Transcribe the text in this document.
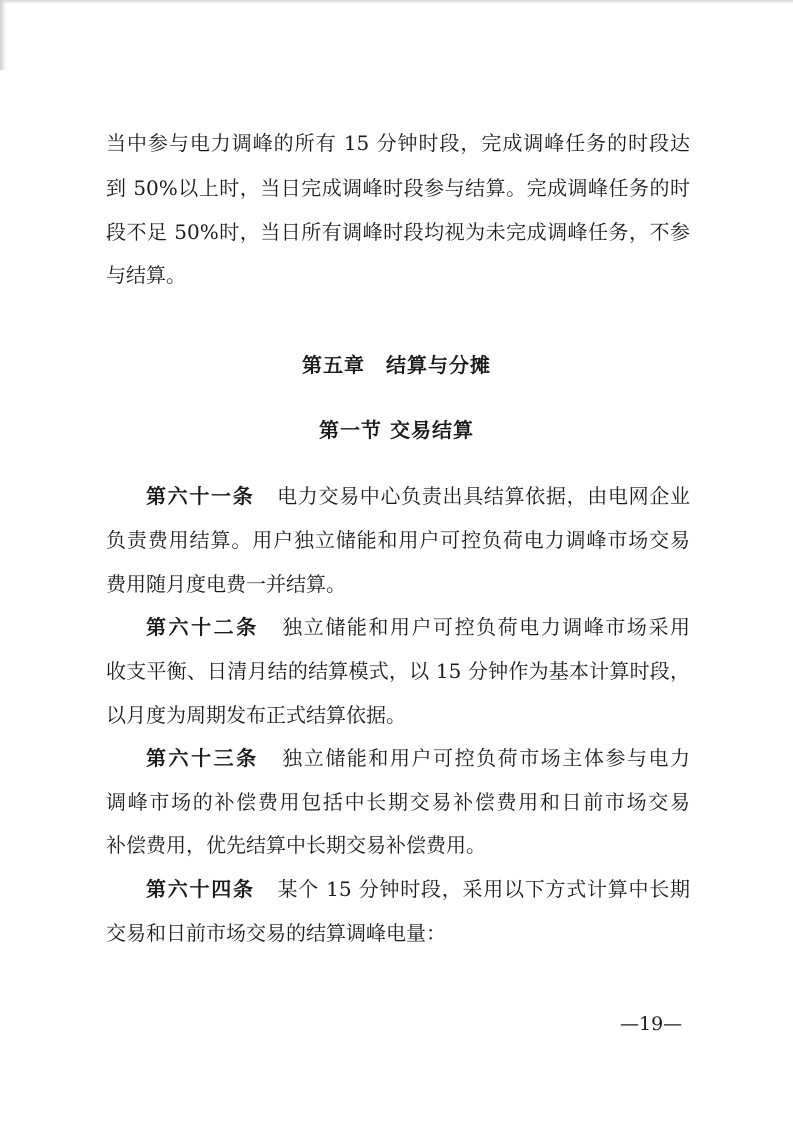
当中参与电力调峰的所有 15 分钟时段，完成调峰任务的时段达
到 50%以上时，当日完成调峰时段参与结算。完成调峰任务的时
段不足 50%时，当日所有调峰时段均视为未完成调峰任务，不参
与结算。
第五章　结算与分摊
第一节 交易结算
第六十一条 电力交易中心负责出具结算依据，由电网企业
负责费用结算。用户独立储能和用户可控负荷电力调峰市场交易
费用随月度电费一并结算。
第六十二条 独立储能和用户可控负荷电力调峰市场采用
收支平衡、日清月结的结算模式，以 15 分钟作为基本计算时段，
以月度为周期发布正式结算依据。
第六十三条 独立储能和用户可控负荷市场主体参与电力
调峰市场的补偿费用包括中长期交易补偿费用和日前市场交易
补偿费用，优先结算中长期交易补偿费用。
第六十四条 某个 15 分钟时段，采用以下方式计算中长期
交易和日前市场交易的结算调峰电量：
—19—
